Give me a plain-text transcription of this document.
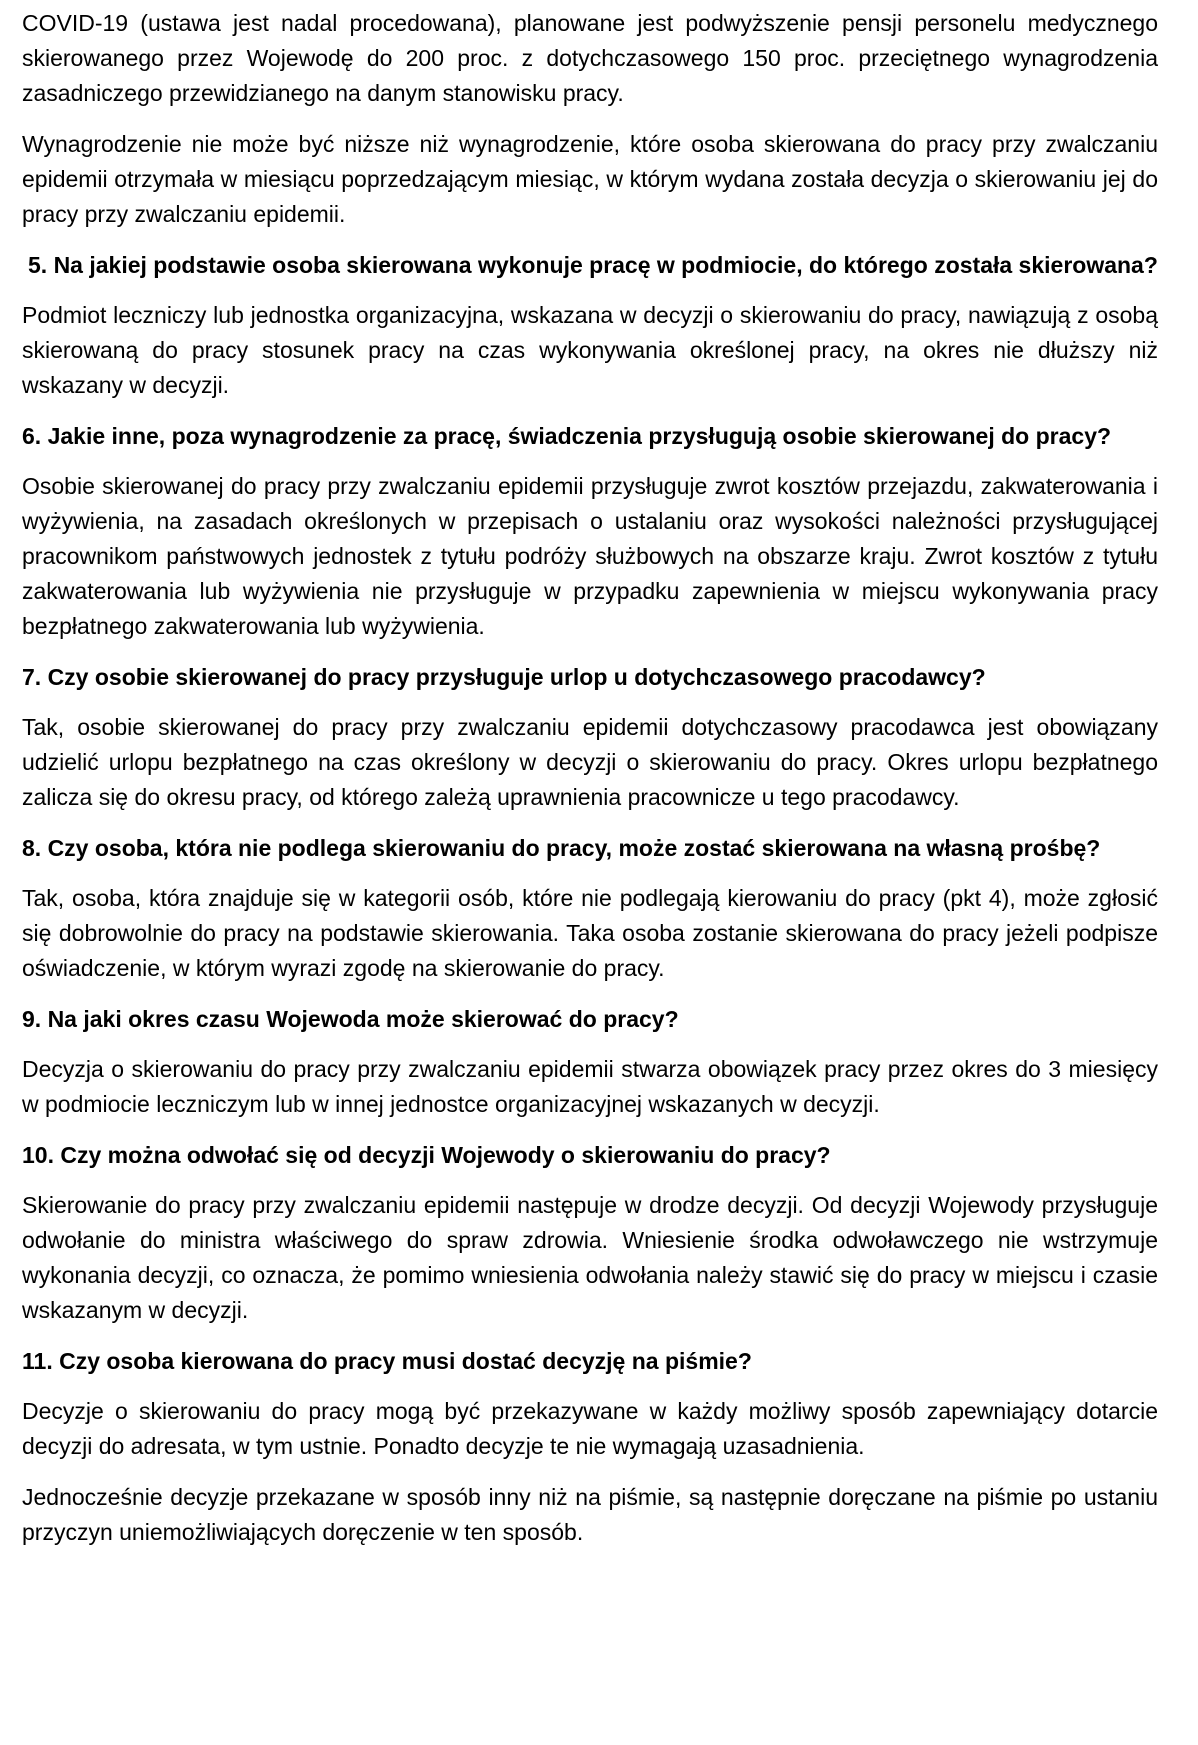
COVID-19 (ustawa jest nadal procedowana), planowane jest podwyższenie pensji personelu medycznego skierowanego przez Wojewodę do 200 proc. z dotychczasowego 150 proc. przeciętnego wynagrodzenia zasadniczego przewidzianego na danym stanowisku pracy.

Wynagrodzenie nie może być niższe niż wynagrodzenie, które osoba skierowana do pracy przy zwalczaniu epidemii otrzymała w miesiącu poprzedzającym miesiąc, w którym wydana została decyzja o skierowaniu jej do pracy przy zwalczaniu epidemii.

5. Na jakiej podstawie osoba skierowana wykonuje pracę w podmiocie, do którego została skierowana?

Podmiot leczniczy lub jednostka organizacyjna, wskazana w decyzji o skierowaniu do pracy, nawiązują z osobą skierowaną do pracy stosunek pracy na czas wykonywania określonej pracy, na okres nie dłuższy niż wskazany w decyzji.

6. Jakie inne, poza wynagrodzenie za pracę, świadczenia przysługują osobie skierowanej do pracy?

Osobie skierowanej do pracy przy zwalczaniu epidemii przysługuje zwrot kosztów przejazdu, zakwaterowania i wyżywienia, na zasadach określonych w przepisach o ustalaniu oraz wysokości należności przysługującej pracownikom państwowych jednostek z tytułu podróży służbowych na obszarze kraju. Zwrot kosztów z tytułu zakwaterowania lub wyżywienia nie przysługuje w przypadku zapewnienia w miejscu wykonywania pracy bezpłatnego zakwaterowania lub wyżywienia.

7. Czy osobie skierowanej do pracy przysługuje urlop u dotychczasowego pracodawcy?

Tak, osobie skierowanej do pracy przy zwalczaniu epidemii dotychczasowy pracodawca jest obowiązany udzielić urlopu bezpłatnego na czas określony w decyzji o skierowaniu do pracy. Okres urlopu bezpłatnego zalicza się do okresu pracy, od którego zależą uprawnienia pracownicze u tego pracodawcy.

8. Czy osoba, która nie podlega skierowaniu do pracy, może zostać skierowana na własną prośbę?

Tak, osoba, która znajduje się w kategorii osób, które nie podlegają kierowaniu do pracy (pkt 4), może zgłosić się dobrowolnie do pracy na podstawie skierowania. Taka osoba zostanie skierowana do pracy jeżeli podpisze oświadczenie, w którym wyrazi zgodę na skierowanie do pracy.

9. Na jaki okres czasu Wojewoda może skierować do pracy?

Decyzja o skierowaniu do pracy przy zwalczaniu epidemii stwarza obowiązek pracy przez okres do 3 miesięcy w podmiocie leczniczym lub w innej jednostce organizacyjnej wskazanych w decyzji.

10. Czy można odwołać się od decyzji Wojewody o skierowaniu do pracy?

Skierowanie do pracy przy zwalczaniu epidemii następuje w drodze decyzji. Od decyzji Wojewody przysługuje odwołanie do ministra właściwego do spraw zdrowia. Wniesienie środka odwoławczego nie wstrzymuje wykonania decyzji, co oznacza, że pomimo wniesienia odwołania należy stawić się do pracy w miejscu i czasie wskazanym w decyzji.

11. Czy osoba kierowana do pracy musi dostać decyzję na piśmie?

Decyzje o skierowaniu do pracy mogą być przekazywane w każdy możliwy sposób zapewniający dotarcie decyzji do adresata, w tym ustnie. Ponadto decyzje te nie wymagają uzasadnienia.

Jednocześnie decyzje przekazane w sposób inny niż na piśmie, są następnie doręczane na piśmie po ustaniu przyczyn uniemożliwiających doręczenie w ten sposób.
